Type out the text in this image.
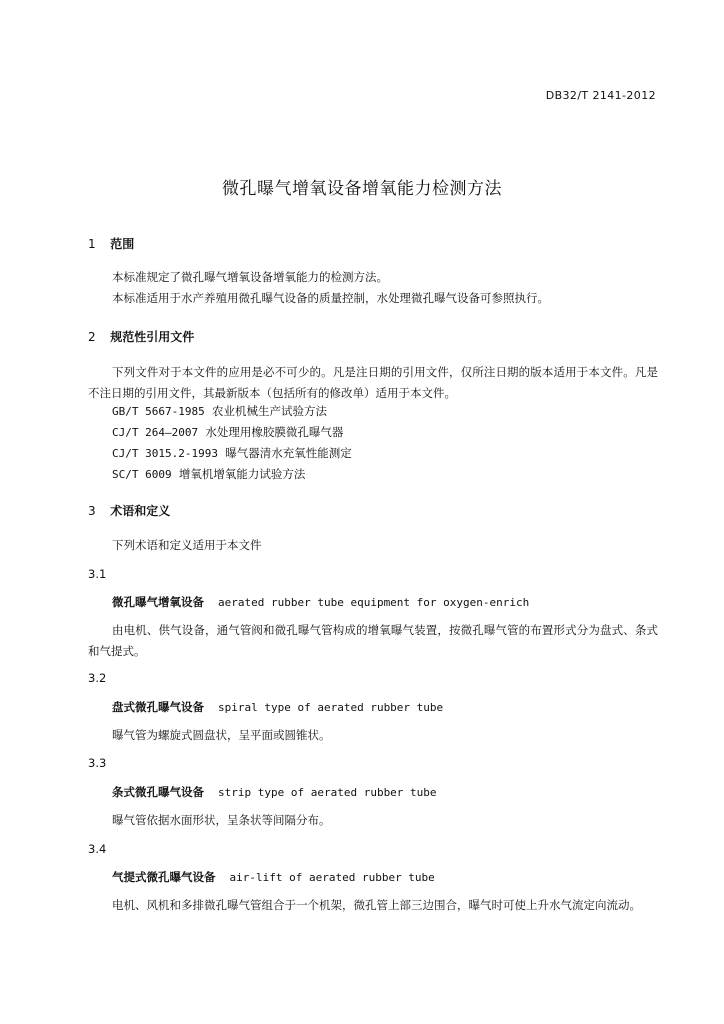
DB32/T 2141-2012
微孔曝气增氧设备增氧能力检测方法
1 范围
本标准规定了微孔曝气增氧设备增氧能力的检测方法。
本标准适用于水产养殖用微孔曝气设备的质量控制，水处理微孔曝气设备可参照执行。
2 规范性引用文件
下列文件对于本文件的应用是必不可少的。凡是注日期的引用文件，仅所注日期的版本适用于本文件。凡是不注日期的引用文件，其最新版本（包括所有的修改单）适用于本文件。
GB/T 5667-1985 农业机械生产试验方法
CJ/T 264—2007 水处理用橡胶膜微孔曝气器
CJ/T 3015.2-1993 曝气器清水充氧性能测定
SC/T 6009 增氧机增氧能力试验方法
3 术语和定义
下列术语和定义适用于本文件
3.1
微孔曝气增氧设备 aerated rubber tube equipment for oxygen-enrich
由电机、供气设备，通气管阀和微孔曝气管构成的增氧曝气装置，按微孔曝气管的布置形式分为盘式、条式和气提式。
3.2
盘式微孔曝气设备 spiral type of aerated rubber tube
曝气管为螺旋式圆盘状，呈平面或圆锥状。
3.3
条式微孔曝气设备 strip type of aerated rubber tube
曝气管依据水面形状，呈条状等间隔分布。
3.4
气提式微孔曝气设备 air-lift of aerated rubber tube
电机、风机和多排微孔曝气管组合于一个机架，微孔管上部三边围合，曝气时可使上升水气流定向流动。
